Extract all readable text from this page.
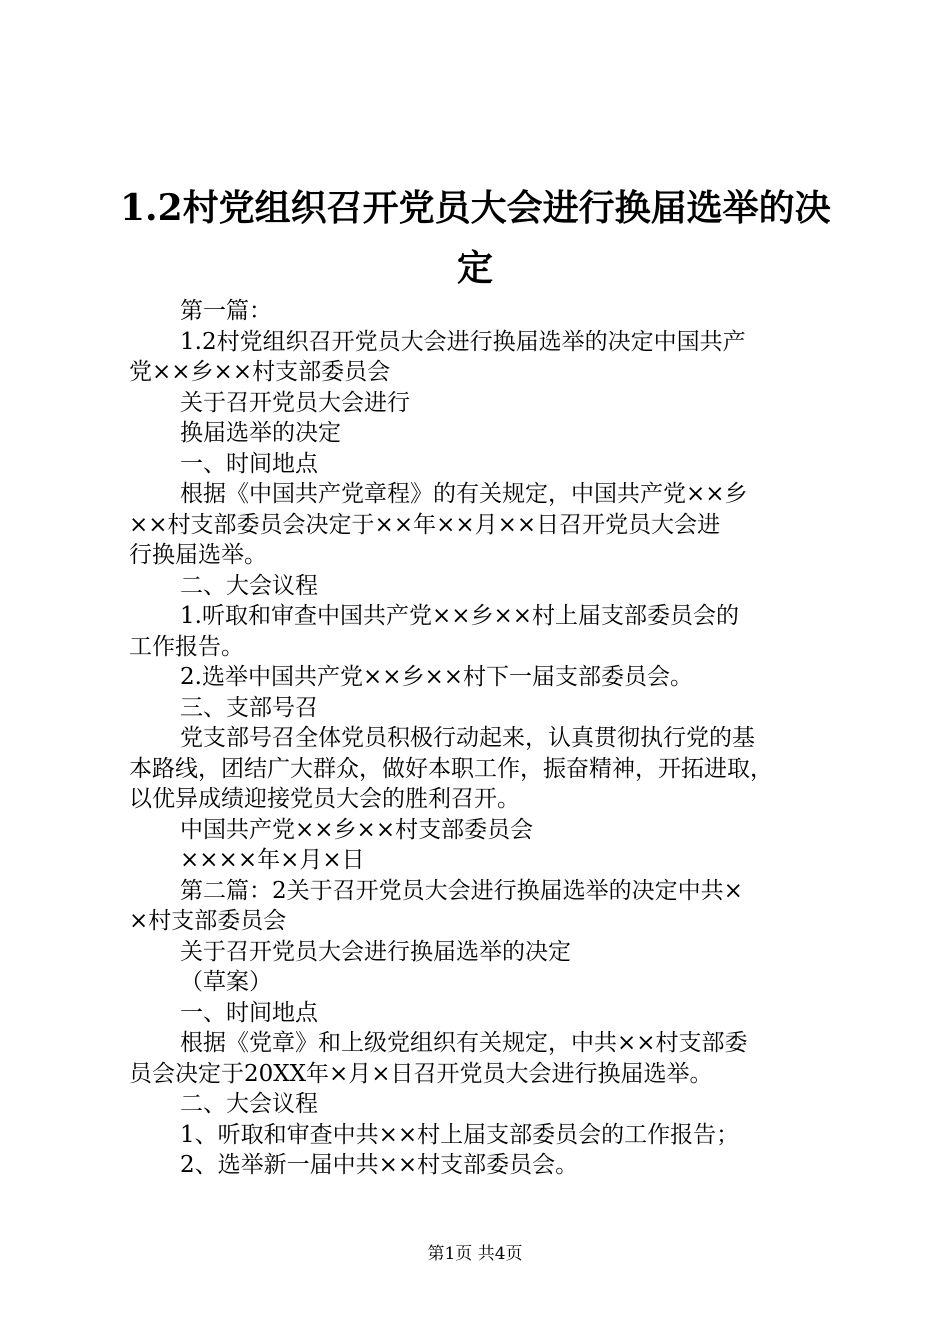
1.2村党组织召开党员大会进行换届选举的决
定

第一篇：

1.2村党组织召开党员大会进行换届选举的决定中国共产

党××乡××村支部委员会

关于召开党员大会进行

换届选举的决定

一、时间地点

根据《中国共产党章程》的有关规定，中国共产党××乡

××村支部委员会决定于××年××月××日召开党员大会进

行换届选举。

二、大会议程

1.听取和审查中国共产党××乡××村上届支部委员会的

工作报告。

2.选举中国共产党××乡××村下一届支部委员会。

三、支部号召

党支部号召全体党员积极行动起来，认真贯彻执行党的基

本路线，团结广大群众，做好本职工作，振奋精神，开拓进取，

以优异成绩迎接党员大会的胜利召开。

中国共产党××乡××村支部委员会

××××年×月×日

第二篇：2关于召开党员大会进行换届选举的决定中共×

×村支部委员会

关于召开党员大会进行换届选举的决定

（草案）

一、时间地点

根据《党章》和上级党组织有关规定，中共××村支部委

员会决定于20XX年×月×日召开党员大会进行换届选举。

二、大会议程

1、听取和审查中共××村上届支部委员会的工作报告；

2、选举新一届中共××村支部委员会。

第1页 共4页
